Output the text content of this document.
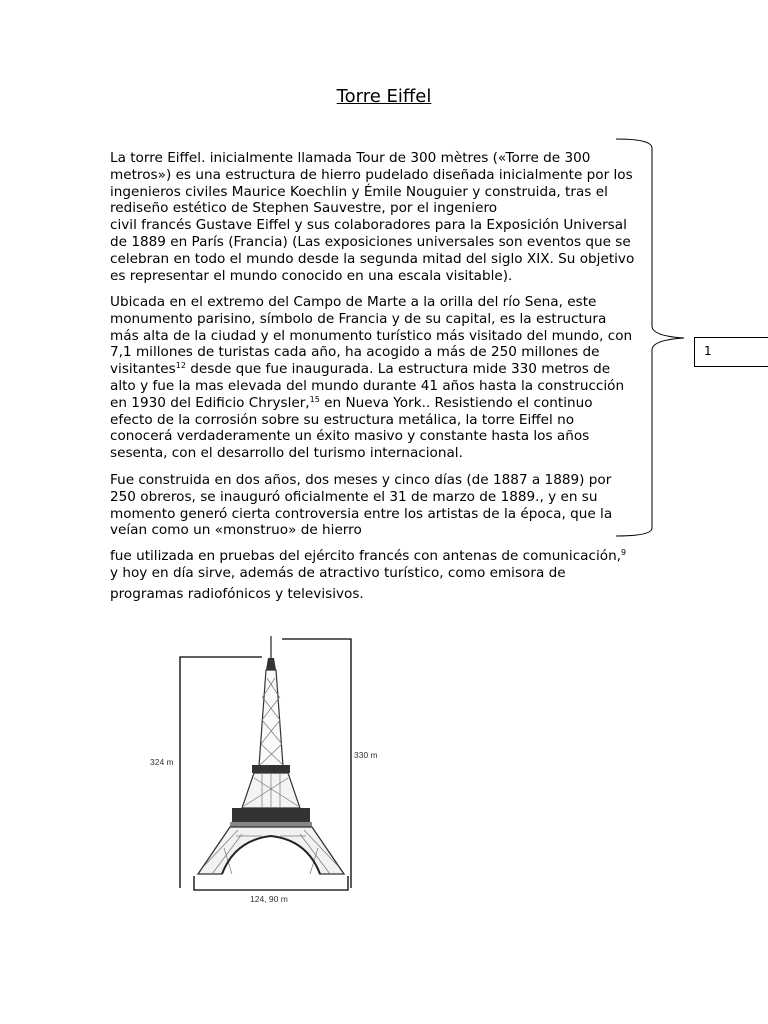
Torre Eiffel
La torre Eiffel. inicialmente llamada Tour de 300 mètres («Torre de 300
metros») es una estructura de hierro pudelado diseñada inicialmente por los
ingenieros civiles Maurice Koechlin y Émile Nouguier y construida, tras el
rediseño estético de Stephen Sauvestre, por el ingeniero
civil francés Gustave Eiffel y sus colaboradores para la Exposición Universal
de 1889 en París (Francia) (Las exposiciones universales son eventos que se
celebran en todo el mundo desde la segunda mitad del siglo XIX. Su objetivo
es representar el mundo conocido en una escala visitable).
Ubicada en el extremo del Campo de Marte a la orilla del río Sena, este
monumento parisino, símbolo de Francia y de su capital, es la estructura
más alta de la ciudad y el monumento turístico más visitado del mundo, con
7,1 millones de turistas cada año, ha acogido a más de 250 millones de
visitantes$^{12}$ desde que fue inaugurada. La estructura mide 330 metros de
alto y fue la mas elevada del mundo durante 41 años hasta la construcción
en 1930 del Edificio Chrysler,$^{15}$ en Nueva York.. Resistiendo el continuo
efecto de la corrosión sobre su estructura metálica, la torre Eiffel no
conocerá verdaderamente un éxito masivo y constante hasta los años
sesenta, con el desarrollo del turismo internacional.
Fue construida en dos años, dos meses y cinco días (de 1887 a 1889) por
250 obreros, se inauguró oficialmente el 31 de marzo de 1889., y en su
momento generó cierta controversia entre los artistas de la época, que la
veían como un «monstruo» de hierro
fue utilizada en pruebas del ejército francés con antenas de comunicación,$^9$
y hoy en día sirve, además de atractivo turístico, como emisora de
programas radiofónicos y televisivos.
1
324 m
330 m
124, 90 m
